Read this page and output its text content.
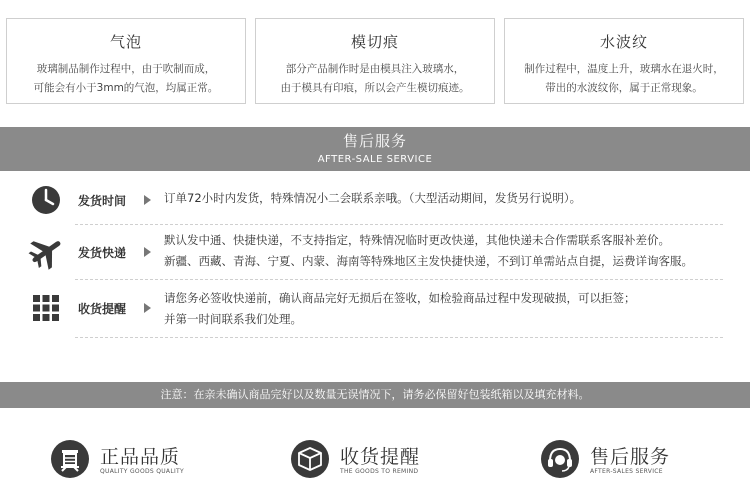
气泡
玻璃制品制作过程中，由于吹制而成，
可能会有小于3mm的气泡，均属正常。
模切痕
部分产品制作时是由模具注入玻璃水，
由于模具有印痕，所以会产生模切痕迹。
水波纹
制作过程中，温度上升，玻璃水在退火时，
带出的水波纹你，属于正常现象。
售后服务
AFTER-SALE SERVICE
发货时间	订单72小时内发货，特殊情况小二会联系亲哦。（大型活动期间，发货另行说明）。
发货快递
默认发中通、快捷快递，不支持指定，特殊情况临时更改快递，其他快递未合作需联系客服补差价。
新疆、西藏、青海、宁夏、内蒙、海南等特殊地区主发快捷快递，不到订单需站点自提，运费详询客服。
收货提醒
请您务必签收快递前，确认商品完好无损后在签收，如检验商品过程中发现破损，可以拒签；
并第一时间联系我们处理。
注意：在亲未确认商品完好以及数量无误情况下，请务必保留好包装纸箱以及填充材料。
正品品质
QUALITY GOODS QUALITY
收货提醒
THE GOODS TO REMIND
售后服务
AFTER-SALES SERVICE
